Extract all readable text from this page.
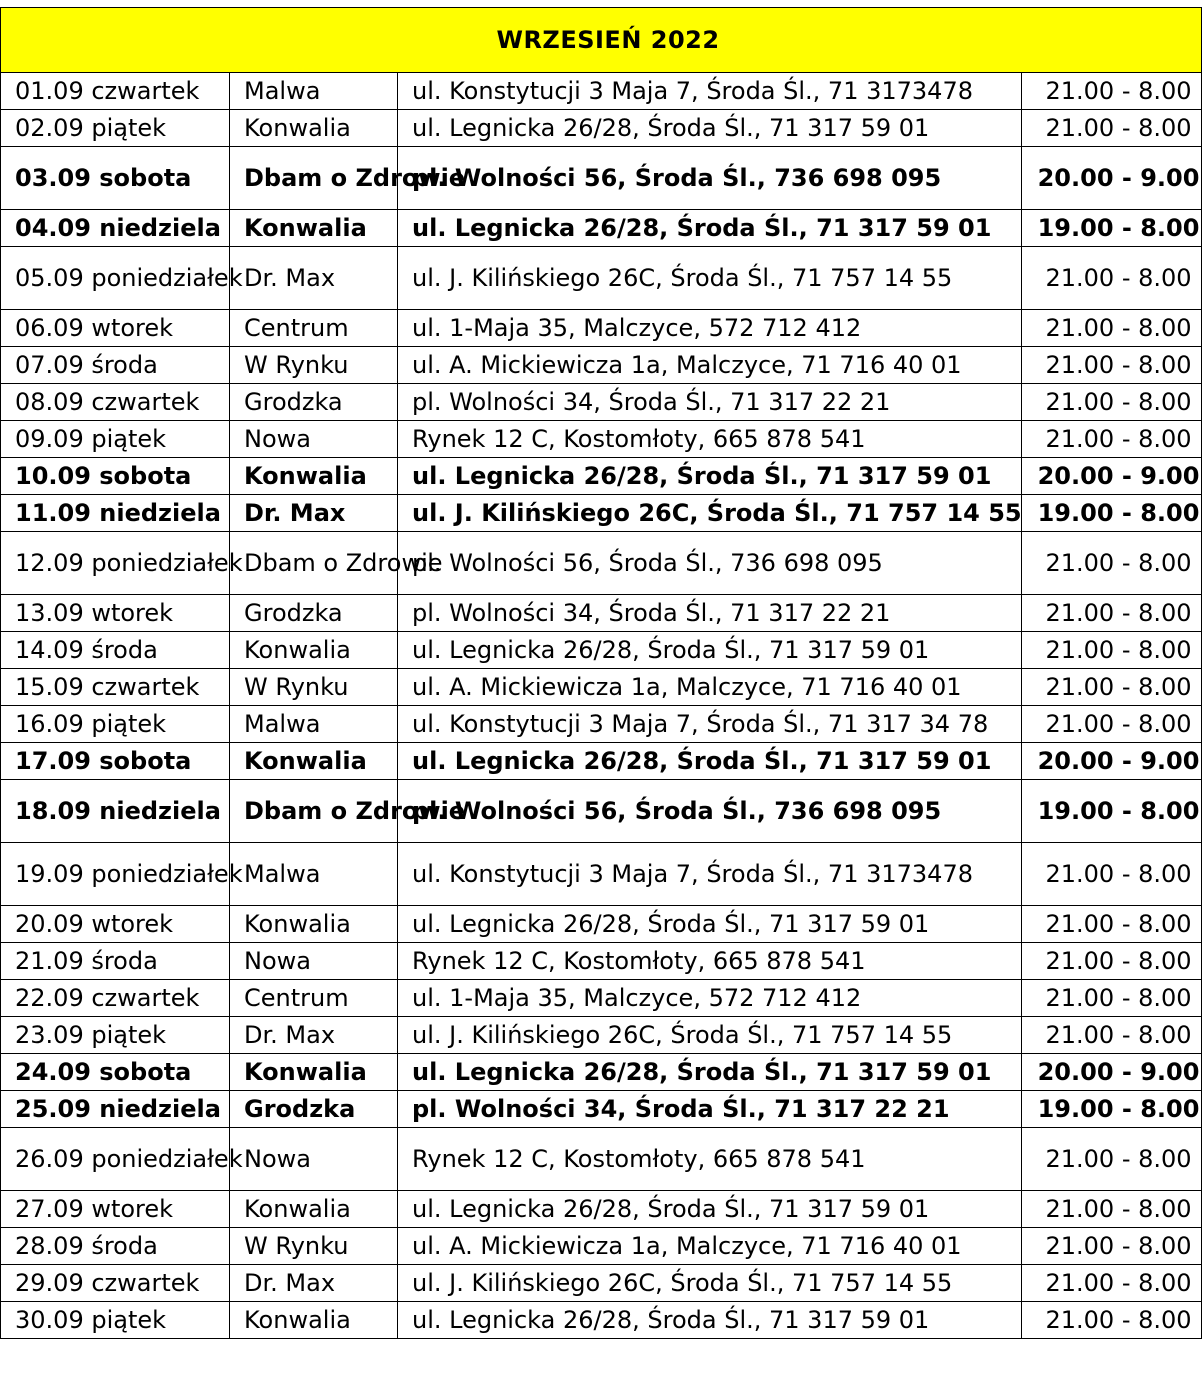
WRZESIEŃ 2022			
01.09 czwartek	Malwa	ul. Konstytucji 3 Maja 7, Środa Śl., 71 3173478	21.00 - 8.00
02.09 piątek	Konwalia	ul. Legnicka 26/28, Środa Śl., 71 317 59 01	21.00 - 8.00
03.09 sobota	Dbam o Zdrowie	pl. Wolności 56, Środa Śl., 736 698 095	20.00 - 9.00
04.09 niedziela	Konwalia	ul. Legnicka 26/28, Środa Śl., 71 317 59 01	19.00 - 8.00
05.09 poniedziałek	Dr. Max	ul. J. Kilińskiego 26C, Środa Śl., 71 757 14 55	21.00 - 8.00
06.09 wtorek	Centrum	ul. 1-Maja 35, Malczyce, 572 712 412	21.00 - 8.00
07.09 środa	W Rynku	ul. A. Mickiewicza 1a, Malczyce, 71 716 40 01	21.00 - 8.00
08.09 czwartek	Grodzka	pl. Wolności 34, Środa Śl., 71 317 22 21	21.00 - 8.00
09.09 piątek	Nowa	Rynek 12 C, Kostomłoty, 665 878 541	21.00 - 8.00
10.09 sobota	Konwalia	ul. Legnicka 26/28, Środa Śl., 71 317 59 01	20.00 - 9.00
11.09 niedziela	Dr. Max	ul. J. Kilińskiego 26C, Środa Śl., 71 757 14 55	19.00 - 8.00
12.09 poniedziałek	Dbam o Zdrowie	pl. Wolności 56, Środa Śl., 736 698 095	21.00 - 8.00
13.09 wtorek	Grodzka	pl. Wolności 34, Środa Śl., 71 317 22 21	21.00 - 8.00
14.09 środa	Konwalia	ul. Legnicka 26/28, Środa Śl., 71 317 59 01	21.00 - 8.00
15.09 czwartek	W Rynku	ul. A. Mickiewicza 1a, Malczyce, 71 716 40 01	21.00 - 8.00
16.09 piątek	Malwa	ul. Konstytucji 3 Maja 7, Środa Śl., 71 317 34 78	21.00 - 8.00
17.09 sobota	Konwalia	ul. Legnicka 26/28, Środa Śl., 71 317 59 01	20.00 - 9.00
18.09 niedziela	Dbam o Zdrowie	pl. Wolności 56, Środa Śl., 736 698 095	19.00 - 8.00
19.09 poniedziałek	Malwa	ul. Konstytucji 3 Maja 7, Środa Śl., 71 3173478	21.00 - 8.00
20.09 wtorek	Konwalia	ul. Legnicka 26/28, Środa Śl., 71 317 59 01	21.00 - 8.00
21.09 środa	Nowa	Rynek 12 C, Kostomłoty, 665 878 541	21.00 - 8.00
22.09 czwartek	Centrum	ul. 1-Maja 35, Malczyce, 572 712 412	21.00 - 8.00
23.09 piątek	Dr. Max	ul. J. Kilińskiego 26C, Środa Śl., 71 757 14 55	21.00 - 8.00
24.09 sobota	Konwalia	ul. Legnicka 26/28, Środa Śl., 71 317 59 01	20.00 - 9.00
25.09 niedziela	Grodzka	pl. Wolności 34, Środa Śl., 71 317 22 21	19.00 - 8.00
26.09 poniedziałek	Nowa	Rynek 12 C, Kostomłoty, 665 878 541	21.00 - 8.00
27.09 wtorek	Konwalia	ul. Legnicka 26/28, Środa Śl., 71 317 59 01	21.00 - 8.00
28.09 środa	W Rynku	ul. A. Mickiewicza 1a, Malczyce, 71 716 40 01	21.00 - 8.00
29.09 czwartek	Dr. Max	ul. J. Kilińskiego 26C, Środa Śl., 71 757 14 55	21.00 - 8.00
30.09 piątek	Konwalia	ul. Legnicka 26/28, Środa Śl., 71 317 59 01	21.00 - 8.00
